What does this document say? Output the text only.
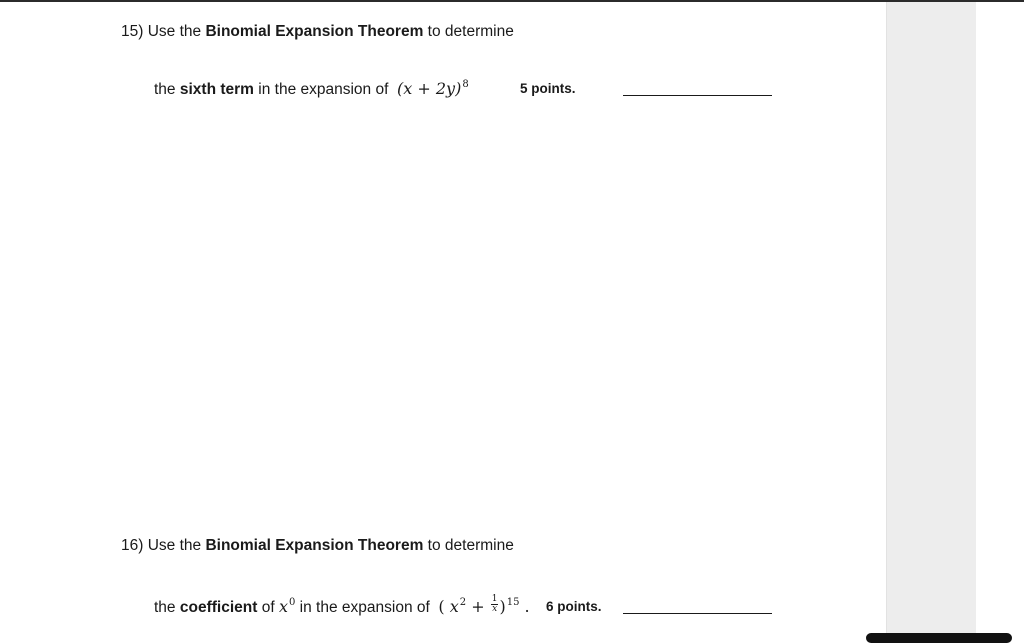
15) Use the Binomial Expansion Theorem to determine
the
sixth term
in the expansion of
$(x + 2y)^8$	5 points.
16) Use the Binomial Expansion Theorem to determine
the
coefficient
of
$x^0$
in the expansion of
( $x^2 + \frac{1}{x} )^{15}$ . 6 points.
